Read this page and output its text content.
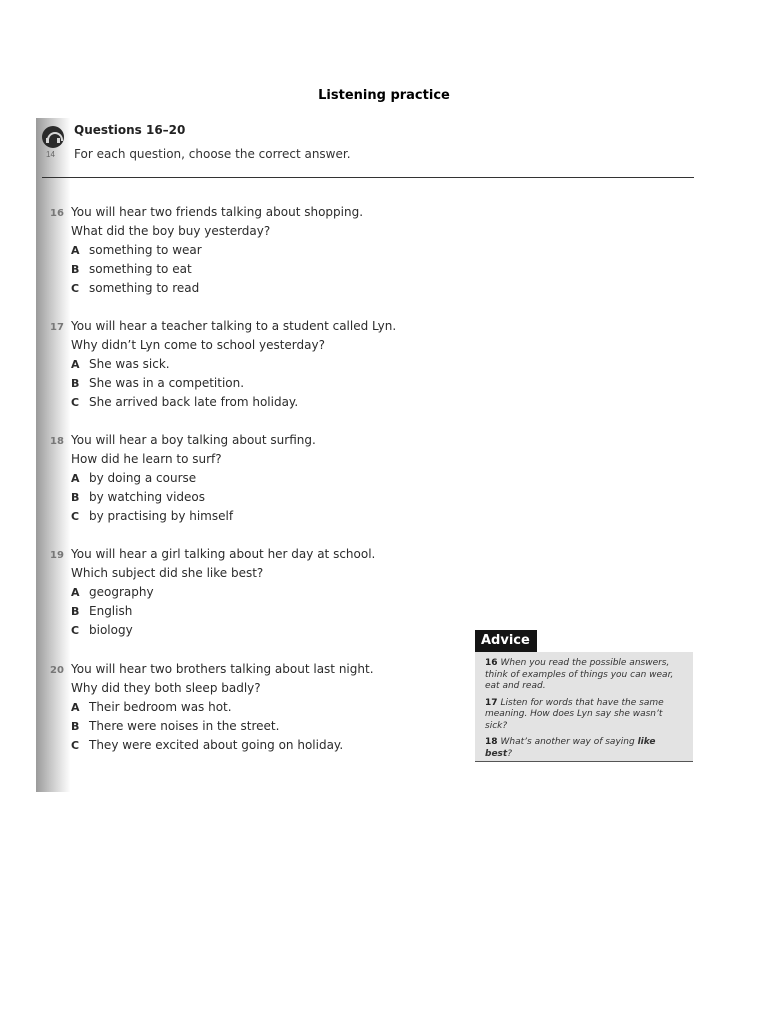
Listening practice
14
Questions 16–20
For each question, choose the correct answer.
16 You will hear two friends talking about shopping.
What did the boy buy yesterday?
A something to wear
B something to eat
C something to read
17 You will hear a teacher talking to a student called Lyn.
Why didn’t Lyn come to school yesterday?
A She was sick.
B She was in a competition.
C She arrived back late from holiday.
18 You will hear a boy talking about surfing.
How did he learn to surf?
A by doing a course
B by watching videos
C by practising by himself
19 You will hear a girl talking about her day at school.
Which subject did she like best?
A geography
B English
C biology
20 You will hear two brothers talking about last night.
Why did they both sleep badly?
A Their bedroom was hot.
B There were noises in the street.
C They were excited about going on holiday.
Advice
16 When you read the possible answers, think of examples of things you can wear, eat and read.
17 Listen for words that have the same meaning. How does Lyn say she wasn’t sick?
18 What’s another way of saying like best?
